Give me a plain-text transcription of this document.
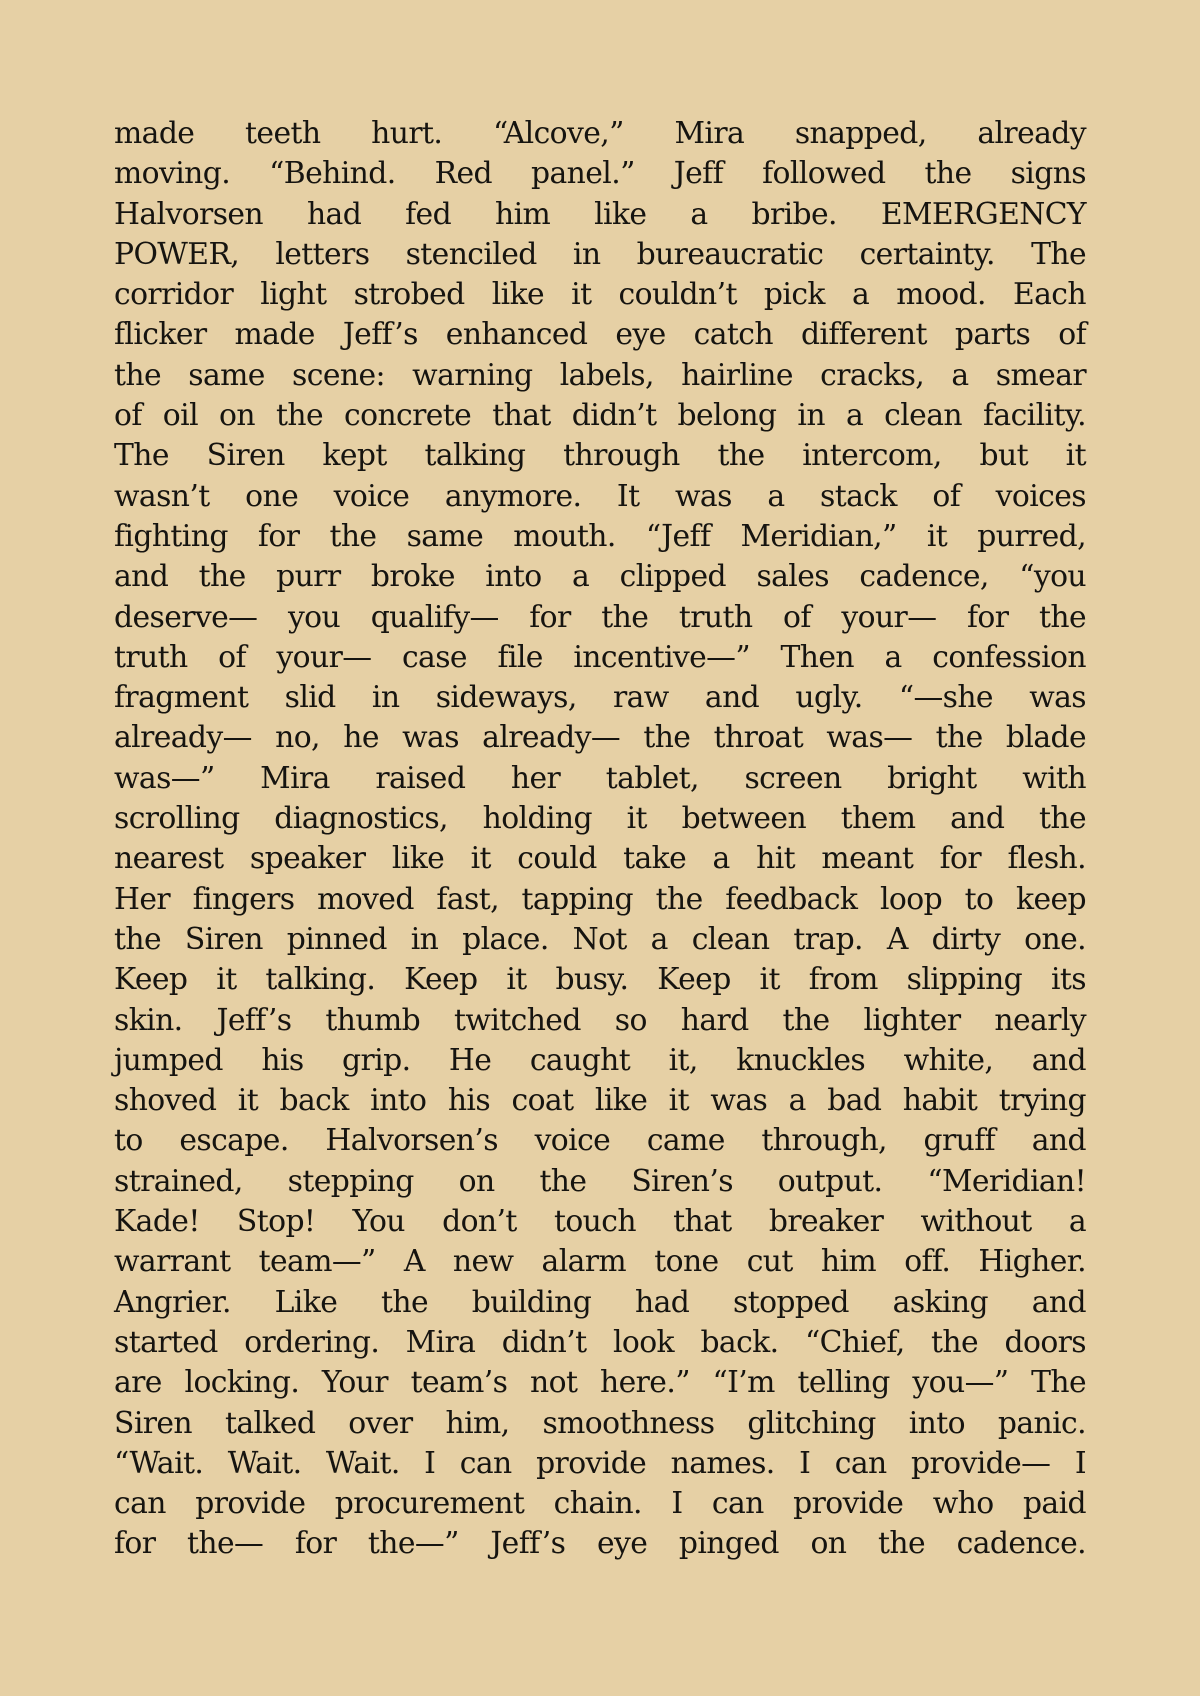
made teeth hurt. “Alcove,” Mira snapped, already
moving. “Behind. Red panel.” Jeff followed the signs
Halvorsen had fed him like a bribe. EMERGENCY
POWER, letters stenciled in bureaucratic certainty. The
corridor light strobed like it couldn’t pick a mood. Each
flicker made Jeff’s enhanced eye catch different parts of
the same scene: warning labels, hairline cracks, a smear
of oil on the concrete that didn’t belong in a clean facility.
The Siren kept talking through the intercom, but it
wasn’t one voice anymore. It was a stack of voices
fighting for the same mouth. “Jeff Meridian,” it purred,
and the purr broke into a clipped sales cadence, “you
deserve— you qualify— for the truth of your— for the
truth of your— case file incentive—” Then a confession
fragment slid in sideways, raw and ugly. “—she was
already— no, he was already— the throat was— the blade
was—” Mira raised her tablet, screen bright with
scrolling diagnostics, holding it between them and the
nearest speaker like it could take a hit meant for flesh.
Her fingers moved fast, tapping the feedback loop to keep
the Siren pinned in place. Not a clean trap. A dirty one.
Keep it talking. Keep it busy. Keep it from slipping its
skin. Jeff’s thumb twitched so hard the lighter nearly
jumped his grip. He caught it, knuckles white, and
shoved it back into his coat like it was a bad habit trying
to escape. Halvorsen’s voice came through, gruff and
strained, stepping on the Siren’s output. “Meridian!
Kade! Stop! You don’t touch that breaker without a
warrant team—” A new alarm tone cut him off. Higher.
Angrier. Like the building had stopped asking and
started ordering. Mira didn’t look back. “Chief, the doors
are locking. Your team’s not here.” “I’m telling you—” The
Siren talked over him, smoothness glitching into panic.
“Wait. Wait. Wait. I can provide names. I can provide— I
can provide procurement chain. I can provide who paid
for the— for the—” Jeff’s eye pinged on the cadence.
